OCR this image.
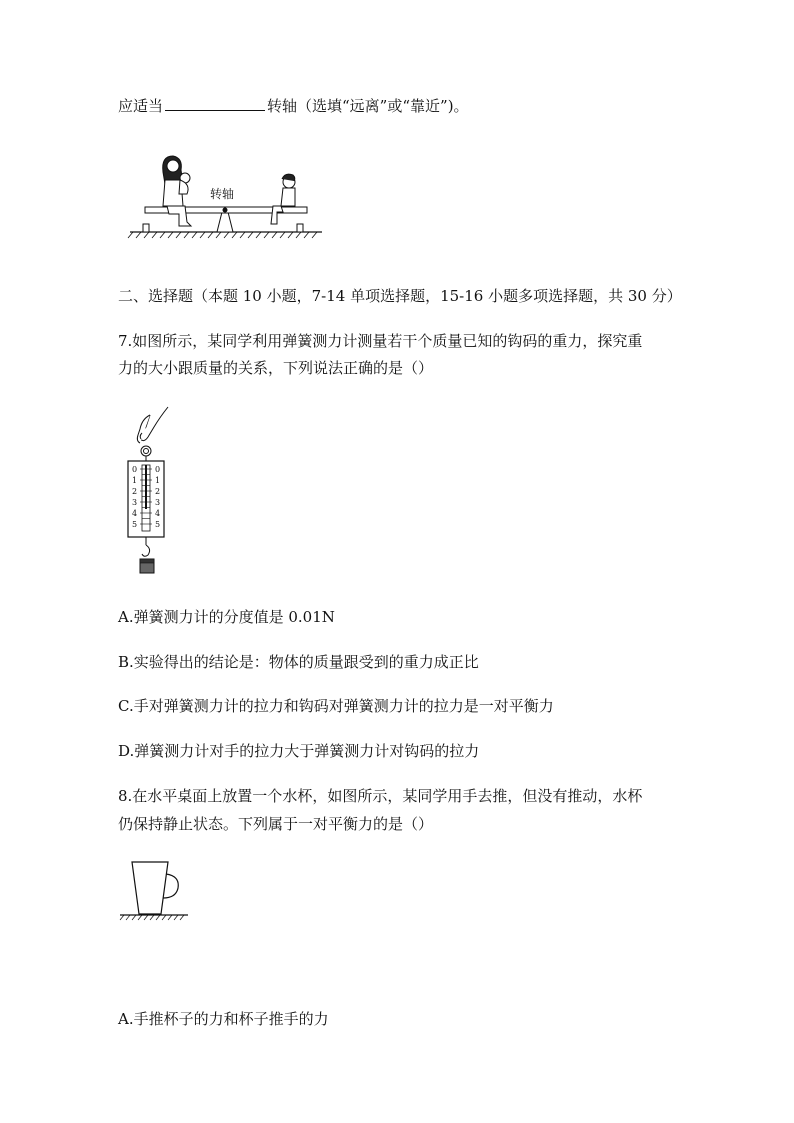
应适当	转轴（选填“远离”或“靠近”)。
转轴
二、选择题（本题 10 小题，7-14 单项选择题，15-16 小题多项选择题，共 30 分）
7.如图所示，某同学利用弹簧测力计测量若干个质量已知的钩码的重力，探究重
力的大小跟质量的关系，下列说法正确的是（）
0
1
2
3
4
5
0
1
2
3
4
5
A.弹簧测力计的分度值是 0.01N
B.实验得出的结论是：物体的质量跟受到的重力成正比
C.手对弹簧测力计的拉力和钩码对弹簧测力计的拉力是一对平衡力
D.弹簧测力计对手的拉力大于弹簧测力计对钩码的拉力
8.在水平桌面上放置一个水杯，如图所示，某同学用手去推，但没有推动，水杯
仍保持静止状态。下列属于一对平衡力的是（）
A.手推杯子的力和杯子推手的力
